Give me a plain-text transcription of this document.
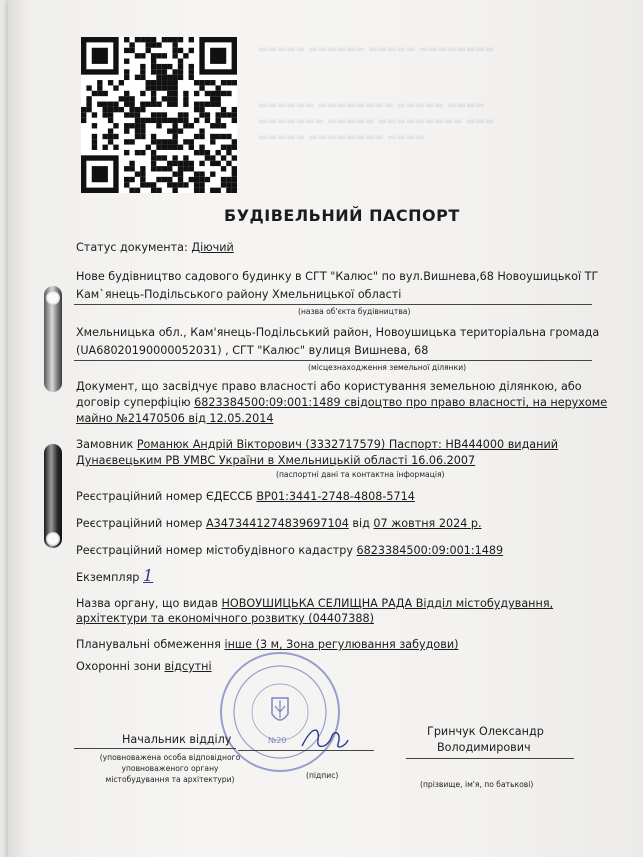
▬▬▬▬▬ ▬▬▬▬▬▬ ▬▬▬▬▬ ▬▬▬▬▬▬▬▬
▬▬▬▬▬▬ ▬▬▬▬▬▬▬▬ ▬▬▬▬▬ ▬▬▬▬
▬▬▬▬▬▬▬ ▬▬▬▬▬ ▬▬▬▬▬▬▬▬▬ ▬▬▬
▬▬▬▬▬ ▬▬▬▬▬▬▬▬ ▬▬▬▬
БУДІВЕЛЬНИЙ ПАСПОРТ
Статус документа: Діючий
Нове будівництво садового будинку в СГТ "Калюс" по вул.Вишнева,68 Новоушицької ТГ
Кам`янець-Подільського району Хмельницької області
(назва об'єкта будівництва)
Хмельницька обл., Кам'янець-Подільський район, Новоушицька територіальна громада
(UA68020190000052031) , СГТ "Калюс" вулиця Вишнева, 68
(місцезнаходження земельної ділянки)
Документ, що засвідчує право власності або користування земельною ділянкою, або
договір суперфіцію 6823384500:09:001:1489 свідоцтво про право власності, на нерухоме
майно №21470506 від 12.05.2014
Замовник Романюк Андрій Вікторович (3332717579) Паспорт: НВ444000 виданий
Дунаєвецьким РВ УМВС України в Хмельницькій області 16.06.2007
(паспортні дані та контактна інформація)
Реєстраційний номер ЄДЕССБ ВР01:3441-2748-4808-5714
Реєстраційний номер А3473441274839697104 від 07 жовтня 2024 р.
Реєстраційний номер містобудівного кадастру 6823384500:09:001:1489
Екземпляр 1
Назва органу, що видав НОВОУШИЦЬКА СЕЛИЩНА РАДА Відділ містобудування,
архітектури та економічного розвитку (04407388)
Планувальні обмеження інше (3 м, Зона регулювання забудови)
Охоронні зони відсутні
№20
Начальник відділу
(уповноважена особа відповідного
уповноваженого органу
містобудування та архітектури)	(підпис)
Гринчук Олександр
Володимирович
(прізвище, ім'я, по батькові)
